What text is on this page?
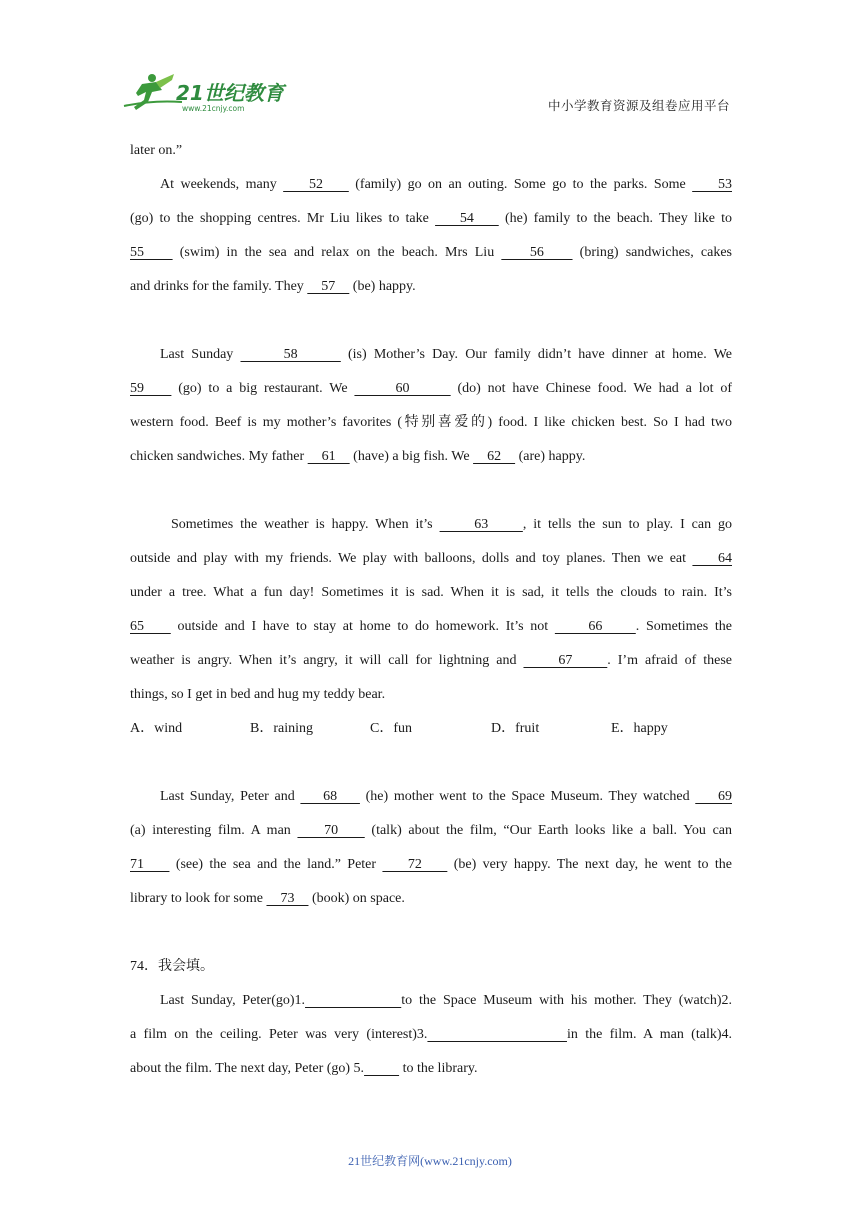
21世纪教育
www.21cnjy.com	中小学教育资源及组卷应用平台
later on.”
At weekends, many     52     (family) go on an outing. Some go to the parks. Some     53
(go) to the shopping centres. Mr Liu likes to take     54     (he) family to the beach. They like to
55     (swim) in the sea and relax on the beach. Mrs Liu     56     (bring) sandwiches, cakes
and drinks for the family. They     57     (be) happy.
Last Sunday       58       (is) Mother’s Day. Our family didn’t have dinner at home. We
59     (go) to a big restaurant. We       60       (do) not have Chinese food. We had a lot of
western food. Beef is my mother’s favorites (特别喜爱的) food. I like chicken best. So I had two
chicken sandwiches. My father     61     (have) a big fish. We     62     (are) happy.
Sometimes the weather is happy. When it’s      63     , it tells the sun to play. I can go
outside and play with my friends. We play with balloons, dolls and toy planes. Then we eat     64
under a tree. What a fun day! Sometimes it is sad. When it is sad, it tells the clouds to rain. It’s
65     outside and I have to stay at home to do homework. It’s not      66     . Sometimes the
weather is angry. When it’s angry, it will call for lightning and      67     . I’m afraid of these
things, so I get in bed and hug my teddy bear.
A．wind	B．raining	C．fun	D．fruit	E．happy
Last Sunday, Peter and     68     (he) mother went to the Space Museum. They watched     69
(a) interesting film. A man     70     (talk) about the film, “Our Earth looks like a ball. You can
71     (see) the sea and the land.” Peter     72     (be) very happy. The next day, he went to the
library to look for some     73     (book) on space.
74．我会填。
Last Sunday, Peter(go)1.	to the Space Museum with his mother. They (watch)2.
a film on the ceiling. Peter was very (interest)3.	in the film. A man (talk)4.
about the film. The next day, Peter (go) 5.	to the library.
21世纪教育网(www.21cnjy.com)
